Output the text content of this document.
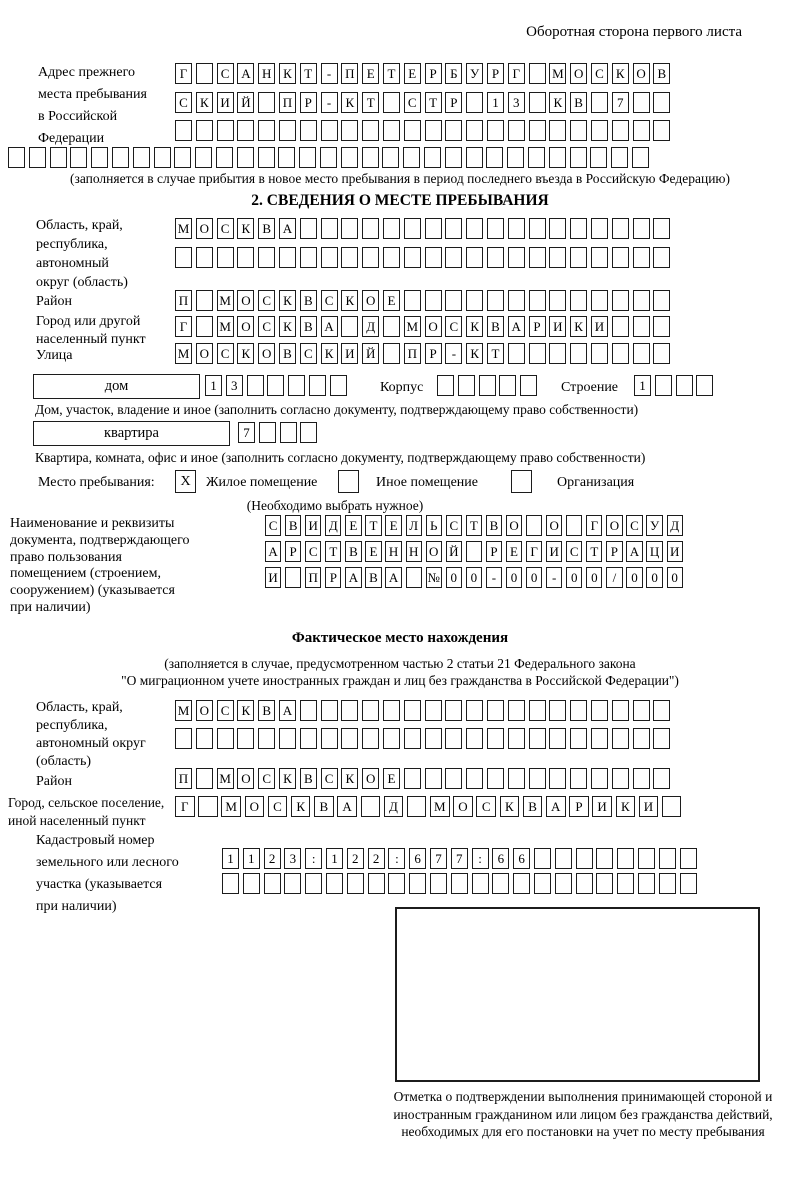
Оборотная сторона первого листа
Адрес прежнего
места пребывания
в Российской
Федерации
Г	С А Н К Т	-	П Е Т Е	Р	Б У Р	Г	М О С К О В
С К И Й П Р	-	К Т	С Т	Р	1	3	К В	7
(заполняется в случае прибытия в новое место пребывания в период последнего въезда в Российскую Федерацию)
2. СВЕДЕНИЯ О МЕСТЕ ПРЕБЫВАНИЯ
Область, край,
республика,
автономный
округ (область)
М О С К В А
Район	П М О С К В С К О Е
Город или другой
населенный пункт
Г	М О С К В А	Д	М О С К В А Р И К И
Улица	М О С К О В С К И Й П Р	-	К Т
дом	1	3	Корпус	Строение	1
Дом, участок, владение и иное (заполнить согласно документу, подтверждающему право собственности)
квартира	7
Квартира, комната, офис и иное (заполнить согласно документу, подтверждающему право собственности)
Место пребывания: X Жилое помещение	Иное помещение	Организация
(Необходимо выбрать нужное)
Наименование и реквизиты
документа, подтверждающего
право пользования
помещением (строением,
сооружением) (указывается
при наличии)
С В И Д Е Т Е Л Ь С Т В О О	Г О С У Д
А Р С Т В Е Н Н О Й	Р Е Г И С Т Р А Ц И
И П Р А В А № 0	0	-	0	0	-	0	0	/	0	0	0
Фактическое место нахождения
(заполняется в случае, предусмотренном частью 2 статьи 21 Федерального закона
"О миграционном учете иностранных граждан и лиц без гражданства в Российской Федерации")
Область, край,
республика,
автономный округ
(область)
М О С К В А
Район	П М О С К В С К О Е
Город, сельское поселение,
иной населенный пункт
Г	М О	С	К	В	А	Д	М О	С	К	В	А	Р	И	К	И
Кадастровый номер
земельного или лесного
участка (указывается
при наличии)
1	1	2	3	:	1	2	2	:	6	7	7	:	6	6
Отметка о подтверждении выполнения принимающей стороной и иностранным гражданином или лицом без гражданства действий, необходимых для его постановки на учет по месту пребывания
